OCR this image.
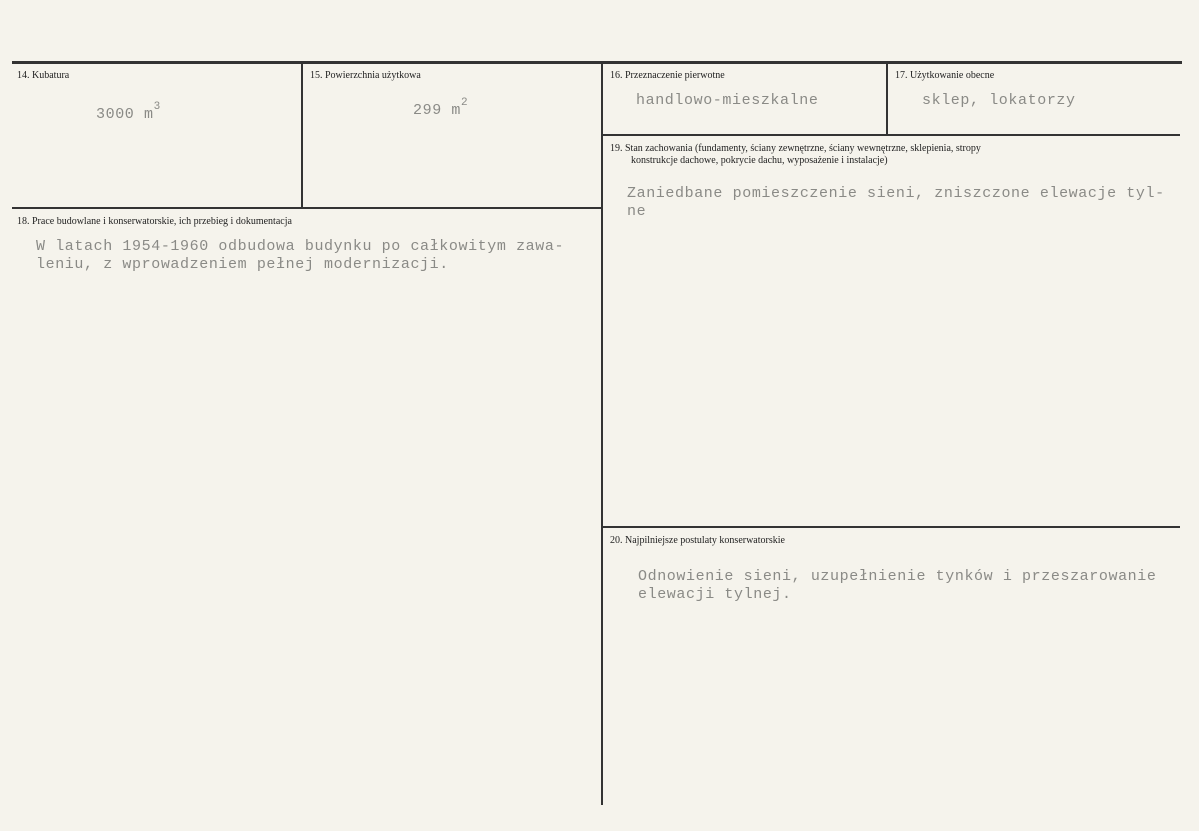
14. Kubatura
3000 $m^3$
15. Powierzchnia użytkowa
299 $m^2$
16. Przeznaczenie pierwotne
handlowo-mieszkalne
17. Użytkowanie obecne
sklep, lokatorzy
18. Prace budowlane i konserwatorskie, ich przebieg i dokumentacja
W latach 1954-1960 odbudowa budynku po całkowitym zawa-
leniu, z wprowadzeniem pełnej modernizacji.
19. Stan zachowania (fundamenty, ściany zewnętrzne, ściany wewnętrzne, sklepienia, stropy
konstrukcje dachowe, pokrycie dachu, wyposażenie i instalacje)
Zaniedbane pomieszczenie sieni, zniszczone elewacje tyl-
ne
20. Najpilniejsze postulaty konserwatorskie
Odnowienie sieni, uzupełnienie tynków i przeszarowanie
elewacji tylnej.
